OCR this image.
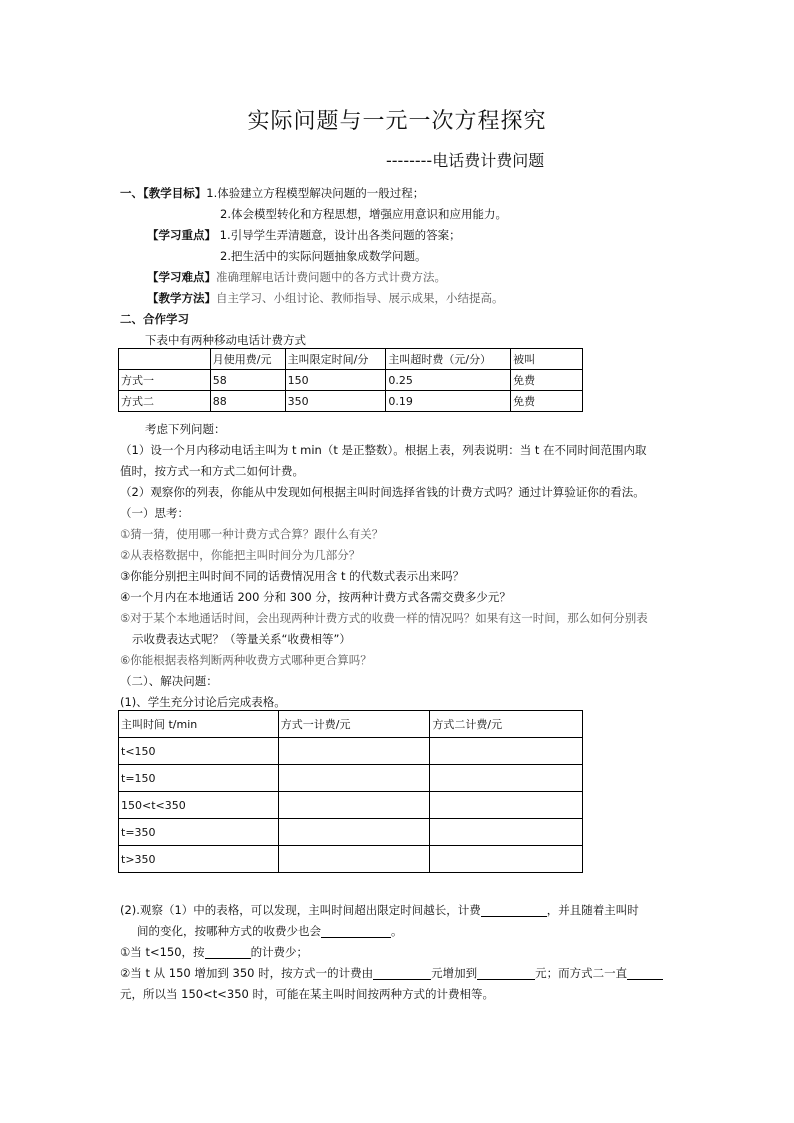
实际问题与一元一次方程探究
--------电话费计费问题
一、【教学目标】1.体验建立方程模型解决问题的一般过程；
2.体会模型转化和方程思想，增强应用意识和应用能力。
【学习重点】 1.引导学生弄清题意，设计出各类问题的答案；
2.把生活中的实际问题抽象成数学问题。
【学习难点】准确理解电话计费问题中的各方式计费方法。
【教学方法】自主学习、小组讨论、教师指导、展示成果，小结提高。
二、合作学习
下表中有两种移动电话计费方式
	月使用费/元	主叫限定时间/分	主叫超时费（元/分）	被叫
方式一	58	150	0.25	免费
方式二	88	350	0.19	免费
考虑下列问题：
（1）设一个月内移动电话主叫为 t min（t 是正整数）。根据上表，列表说明：当 t 在不同时间范围内取
值时，按方式一和方式二如何计费。
（2）观察你的列表，你能从中发现如何根据主叫时间选择省钱的计费方式吗？通过计算验证你的看法。
（一）思考：
①猜一猜，使用哪一种计费方式合算？跟什么有关？
②从表格数据中，你能把主叫时间分为几部分？
③你能分别把主叫时间不同的话费情况用含 t 的代数式表示出来吗？
④一个月内在本地通话 200 分和 300 分，按两种计费方式各需交费多少元？
⑤对于某个本地通话时间，会出现两种计费方式的收费一样的情况吗？如果有这一时间，那么如何分别表
示收费表达式呢？（等量关系“收费相等”）
⑥你能根据表格判断两种收费方式哪种更合算吗？
（二）、解决问题：
(1)、学生充分讨论后完成表格。
主叫时间 t/min	方式一计费/元	方式二计费/元
t<150		
t=150		
150<t<350		
t=350		
t>350		
(2).观察（1）中的表格，可以发现，主叫时间超出限定时间越长，计费	，并且随着主叫时
间的变化，按哪种方式的收费少也会	。
①当 t<150，按	的计费少；
②当 t 从 150 增加到 350 时，按方式一的计费由	元增加到	元；而方式二一直
元，所以当 150<t<350 时，可能在某主叫时间按两种方式的计费相等。
